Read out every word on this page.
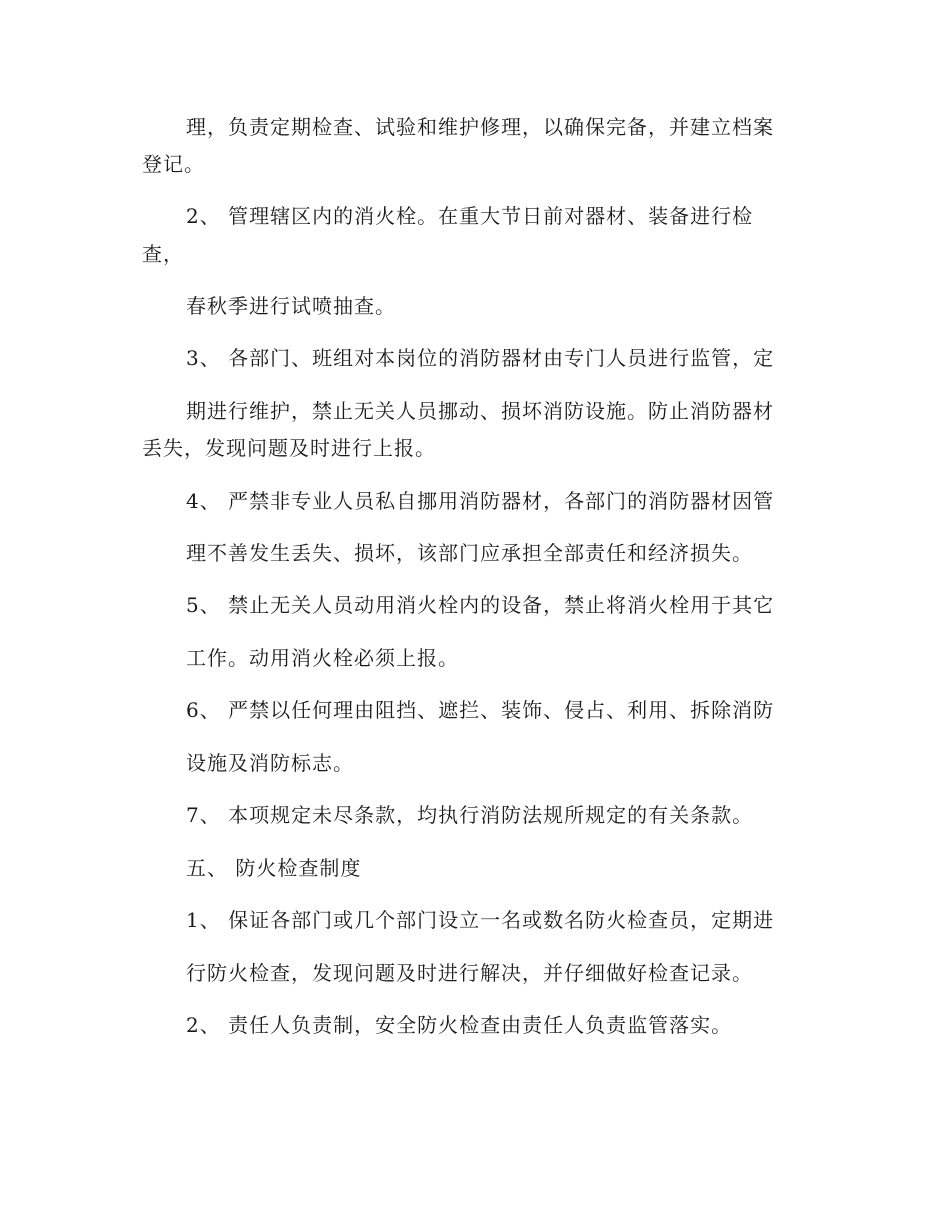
理，负责定期检查、试验和维护修理，以确保完备，并建立档案
登记。
2、 管理辖区内的消火栓。在重大节日前对器材、装备进行检
查，
春秋季进行试喷抽查。
3、 各部门、班组对本岗位的消防器材由专门人员进行监管，定
期进行维护，禁止无关人员挪动、损坏消防设施。防止消防器材
丢失，发现问题及时进行上报。
4、 严禁非专业人员私自挪用消防器材，各部门的消防器材因管
理不善发生丢失、损坏，该部门应承担全部责任和经济损失。
5、 禁止无关人员动用消火栓内的设备，禁止将消火栓用于其它
工作。动用消火栓必须上报。
6、 严禁以任何理由阻挡、遮拦、装饰、侵占、利用、拆除消防
设施及消防标志。
7、 本项规定未尽条款，均执行消防法规所规定的有关条款。
五、 防火检查制度
1、 保证各部门或几个部门设立一名或数名防火检查员，定期进
行防火检查，发现问题及时进行解决，并仔细做好检查记录。
2、 责任人负责制，安全防火检查由责任人负责监管落实。
